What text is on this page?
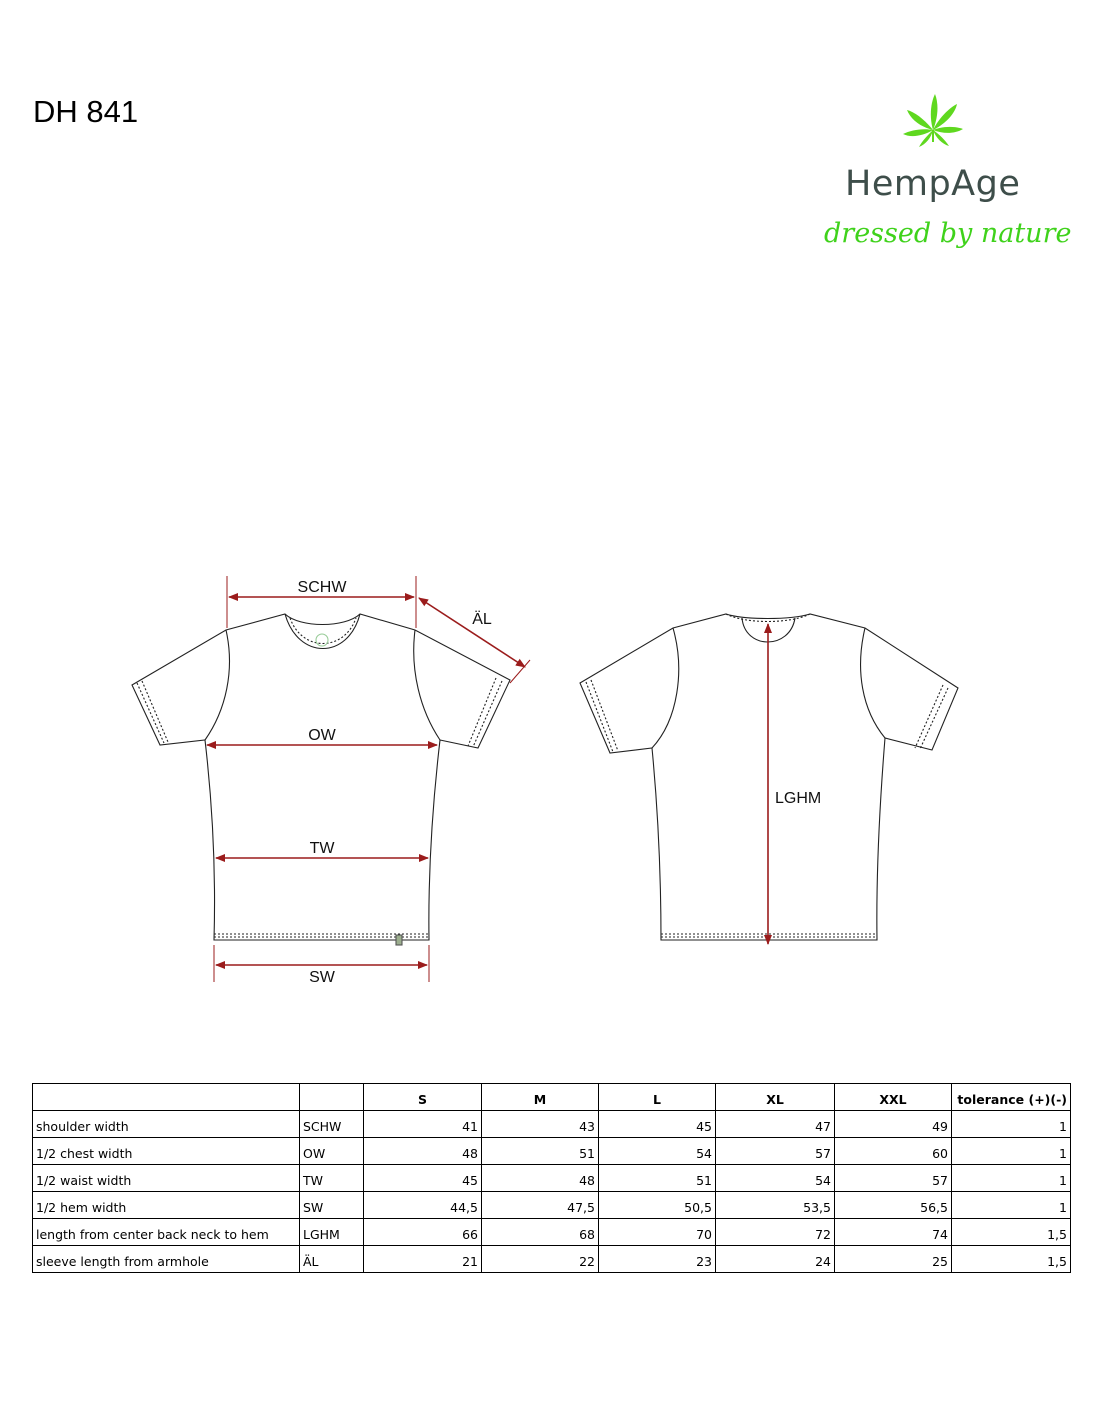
DH 841
HempAge
dressed by nature
SCHW
ÄL
OW
TW
SW
LGHM
		S	M	L	XL	XXL	tolerance (+)(-)
shoulder width	SCHW	41	43	45	47	49	1
1/2 chest width	OW	48	51	54	57	60	1
1/2 waist width	TW	45	48	51	54	57	1
1/2 hem width	SW	44,5	47,5	50,5	53,5	56,5	1
length from center back neck to hem	LGHM	66	68	70	72	74	1,5
sleeve length from armhole	ÄL	21	22	23	24	25	1,5
